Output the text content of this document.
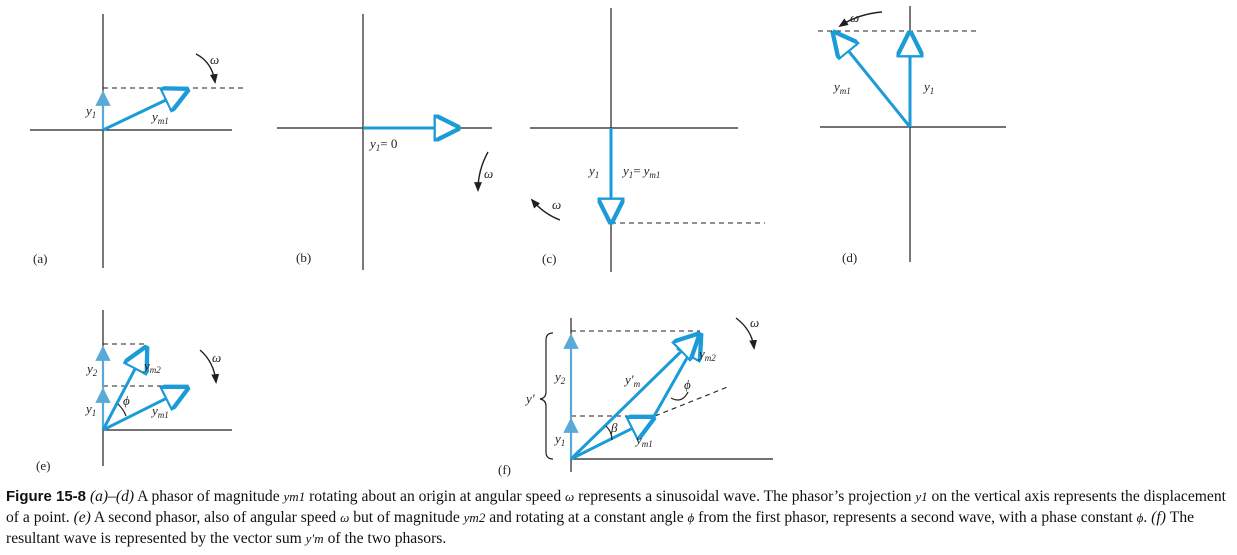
$y_1$	$y_{m1}$
ω
(a)
$y_1= 0$
ω
(b)
$y_1$ $y_1= y_{m1}$
ω
(c)
$y_1$
$y_{m1}$
ω
(d)
ϕ
$y_2$
$y_1$
$y_{m2}$
$y_{m1}$
ω
(e)
y′
ϕ
β
$y_2$
$y_1$
$y'_m$
$y_{m1}$
$y_{m2}$
ω
(f)
Figure 15-8 (a)–(d) A phasor of magnitude ym1 rotating about an origin at angular speed ω represents a sinusoidal wave. The phasor’s projection y1 on the vertical axis represents the displacement of a point. (e) A second phasor, also of angular speed ω but of magnitude ym2 and rotating at a constant angle ϕ from the first phasor, represents a second wave, with a phase constant ϕ. (f) The resultant wave is represented by the vector sum y′m of the two phasors.
